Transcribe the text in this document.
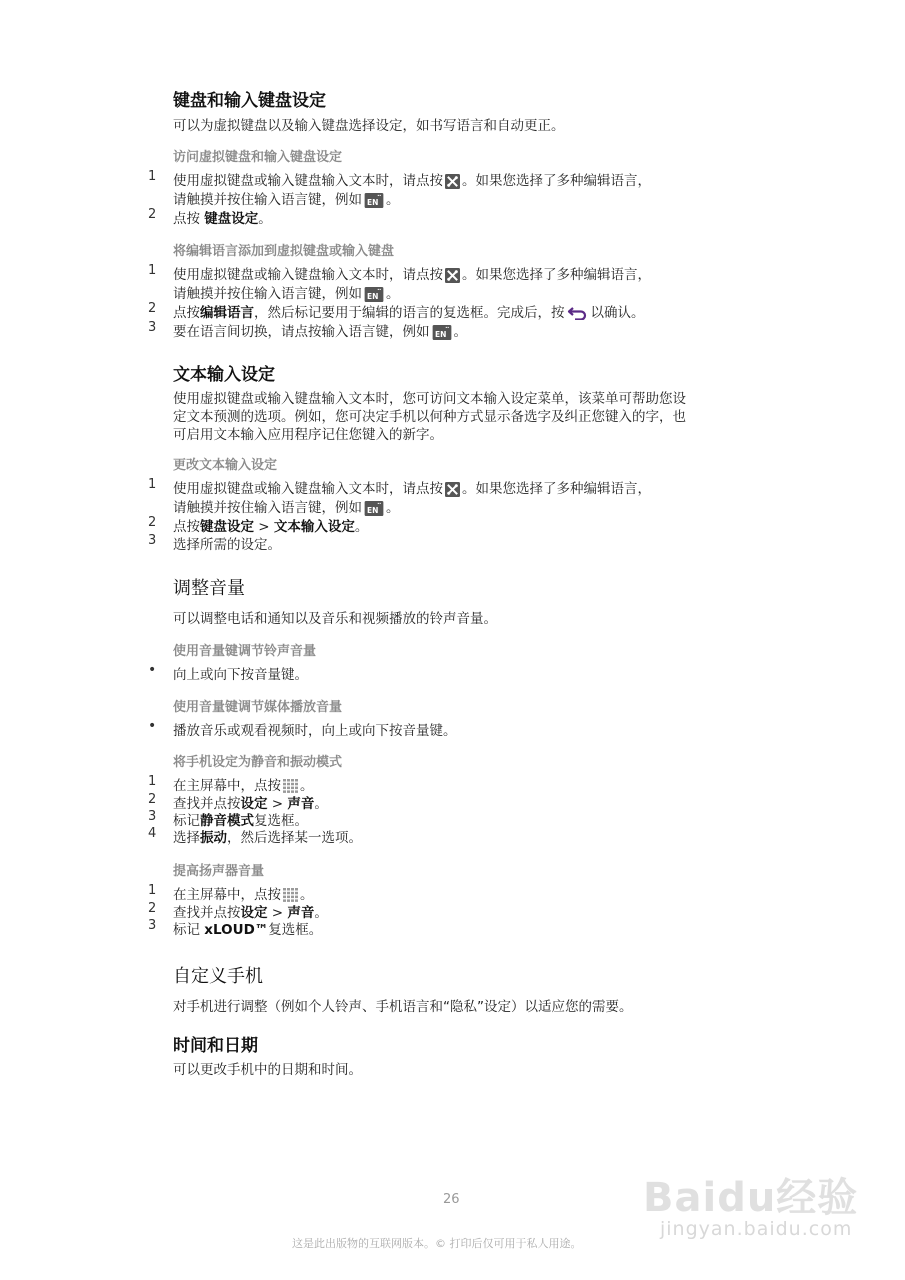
键盘和输入键盘设定
可以为虚拟键盘以及输入键盘选择设定，如书写语言和自动更正。
访问虚拟键盘和输入键盘设定
1 使用虚拟键盘或输入键盘输入文本时，请点按 。如果您选择了多种编辑语言，
请触摸并按住输入语言键，例如 。
2 点按 键盘设定。
将编辑语言添加到虚拟键盘或输入键盘
1 使用虚拟键盘或输入键盘输入文本时，请点按 。如果您选择了多种编辑语言，
请触摸并按住输入语言键，例如 。
2 点按编辑语言，然后标记要用于编辑的语言的复选框。完成后，按 以确认。
3 要在语言间切换，请点按输入语言键，例如 。
文本输入设定
使用虚拟键盘或输入键盘输入文本时，您可访问文本输入设定菜单，该菜单可帮助您设
定文本预测的选项。例如，您可决定手机以何种方式显示备选字及纠正您键入的字，也
可启用文本输入应用程序记住您键入的新字。
更改文本输入设定
1 使用虚拟键盘或输入键盘输入文本时，请点按 。如果您选择了多种编辑语言，
请触摸并按住输入语言键，例如 。
2 点按键盘设定 > 文本输入设定。
3 选择所需的设定。
调整音量
可以调整电话和通知以及音乐和视频播放的铃声音量。
使用音量键调节铃声音量
• 向上或向下按音量键。
使用音量键调节媒体播放音量
• 播放音乐或观看视频时，向上或向下按音量键。
将手机设定为静音和振动模式
1 在主屏幕中，点按 。
2 查找并点按设定 > 声音。
3 标记静音模式复选框。
4 选择振动，然后选择某一选项。
提高扬声器音量
1 在主屏幕中，点按 。
2 查找并点按设定 > 声音。
3 标记 xLOUD™复选框。
自定义手机
对手机进行调整（例如个人铃声、手机语言和“隐私”设定）以适应您的需要。
时间和日期
可以更改手机中的日期和时间。
Baidu经验
jingyan.baidu.com
26
这是此出版物的互联网版本。© 打印后仅可用于私人用途。
